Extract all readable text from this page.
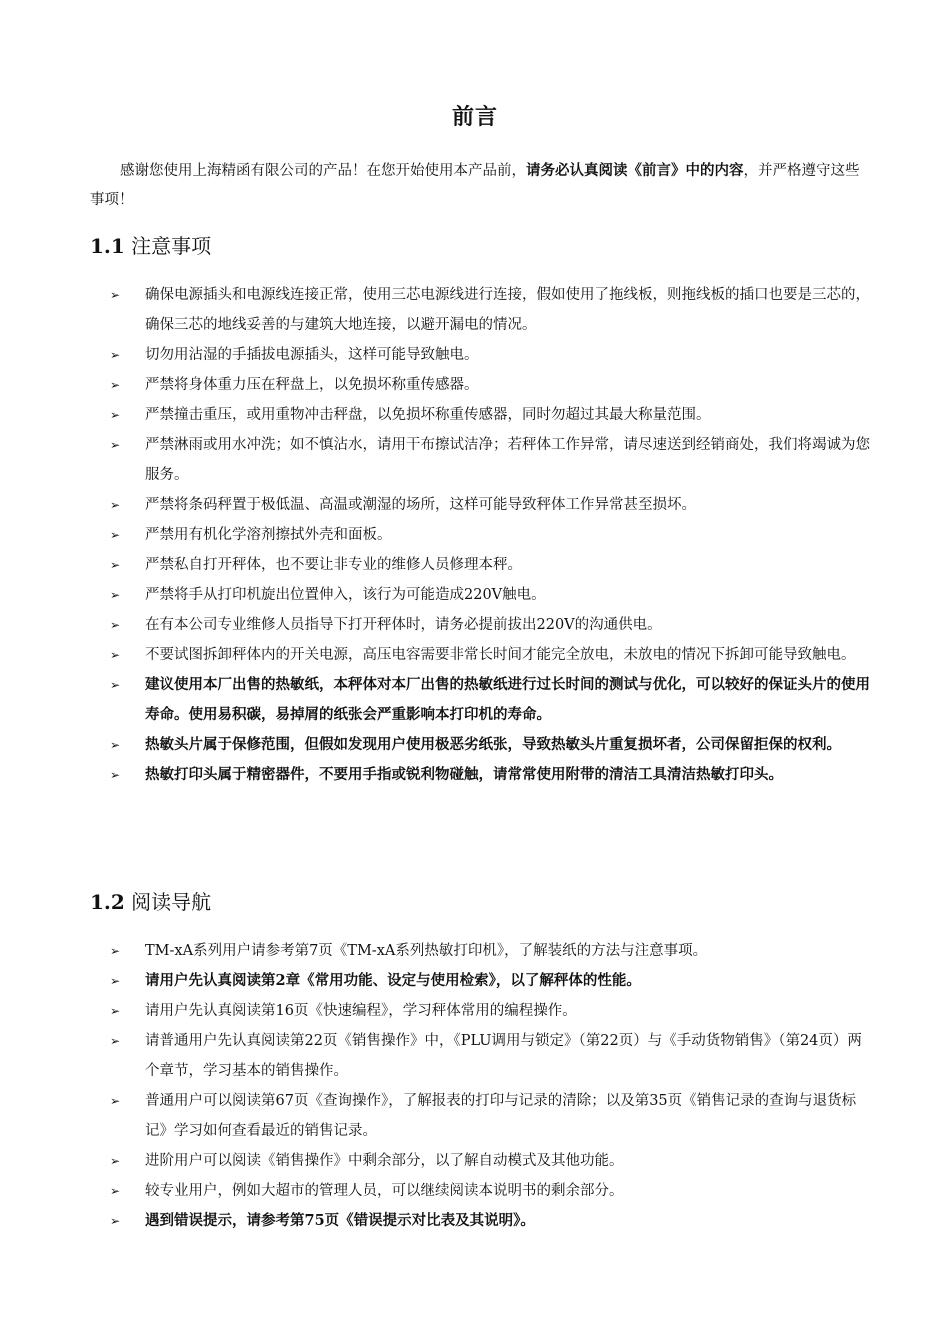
前言
感谢您使用上海精函有限公司的产品！在您开始使用本产品前，请务必认真阅读《前言》中的内容，并严格遵守这些事项！
1.1 注意事项
➢ 确保电源插头和电源线连接正常，使用三芯电源线进行连接，假如使用了拖线板，则拖线板的插口也要是三芯的，确保三芯的地线妥善的与建筑大地连接，以避开漏电的情况。
➢ 切勿用沾湿的手插拔电源插头，这样可能导致触电。
➢ 严禁将身体重力压在秤盘上，以免损坏称重传感器。
➢ 严禁撞击重压，或用重物冲击秤盘，以免损坏称重传感器，同时勿超过其最大称量范围。
➢ 严禁淋雨或用水冲洗；如不慎沾水，请用干布擦试洁净；若秤体工作异常，请尽速送到经销商处，我们将竭诚为您服务。
➢ 严禁将条码秤置于极低温、高温或潮湿的场所，这样可能导致秤体工作异常甚至损坏。
➢ 严禁用有机化学溶剂擦拭外壳和面板。
➢ 严禁私自打开秤体，也不要让非专业的维修人员修理本秤。
➢ 严禁将手从打印机旋出位置伸入，该行为可能造成220V触电。
➢ 在有本公司专业维修人员指导下打开秤体时，请务必提前拔出220V的沟通供电。
➢ 不要试图拆卸秤体内的开关电源，高压电容需要非常长时间才能完全放电，未放电的情况下拆卸可能导致触电。
➢ 建议使用本厂出售的热敏纸，本秤体对本厂出售的热敏纸进行过长时间的测试与优化，可以较好的保证头片的使用寿命。使用易积碳，易掉屑的纸张会严重影响本打印机的寿命。
➢ 热敏头片属于保修范围，但假如发现用户使用极恶劣纸张，导致热敏头片重复损坏者，公司保留拒保的权利。
➢ 热敏打印头属于精密器件，不要用手指或锐利物碰触，请常常使用附带的清洁工具清洁热敏打印头。
1.2 阅读导航
➢ TM-xA系列用户请参考第7页《TM-xA系列热敏打印机》，了解装纸的方法与注意事项。
➢ 请用户先认真阅读第2章《常用功能、设定与使用检索》，以了解秤体的性能。
➢ 请用户先认真阅读第16页《快速编程》，学习秤体常用的编程操作。
➢ 请普通用户先认真阅读第22页《销售操作》中，《PLU调用与锁定》（第22页）与《手动货物销售》（第24页）两个章节，学习基本的销售操作。
➢ 普通用户可以阅读第67页《查询操作》，了解报表的打印与记录的清除；以及第35页《销售记录的查询与退货标记》学习如何查看最近的销售记录。
➢ 进阶用户可以阅读《销售操作》中剩余部分，以了解自动模式及其他功能。
➢ 较专业用户，例如大超市的管理人员，可以继续阅读本说明书的剩余部分。
➢ 遇到错误提示，请参考第75页《错误提示对比表及其说明》。
